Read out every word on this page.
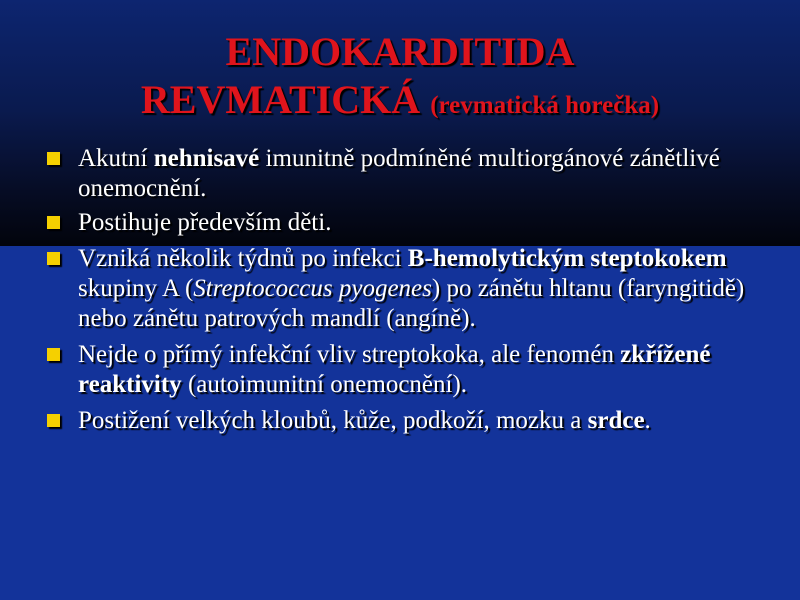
ENDOKARDITIDA
REVMATICKÁ (revmatická horečka)
Akutní nehnisavé imunitně podmíněné multiorgánové zánětlivé onemocnění.
Postihuje především děti.
Vzniká několik týdnů po infekci B-hemolytickým steptokokem skupiny A (Streptococcus pyogenes) po zánětu hltanu (faryngitidě) nebo zánětu patrových mandlí (angíně).
Nejde o přímý infekční vliv streptokoka, ale fenomén zkřížené reaktivity (autoimunitní onemocnění).
Postižení velkých kloubů, kůže, podkoží, mozku a srdce.
